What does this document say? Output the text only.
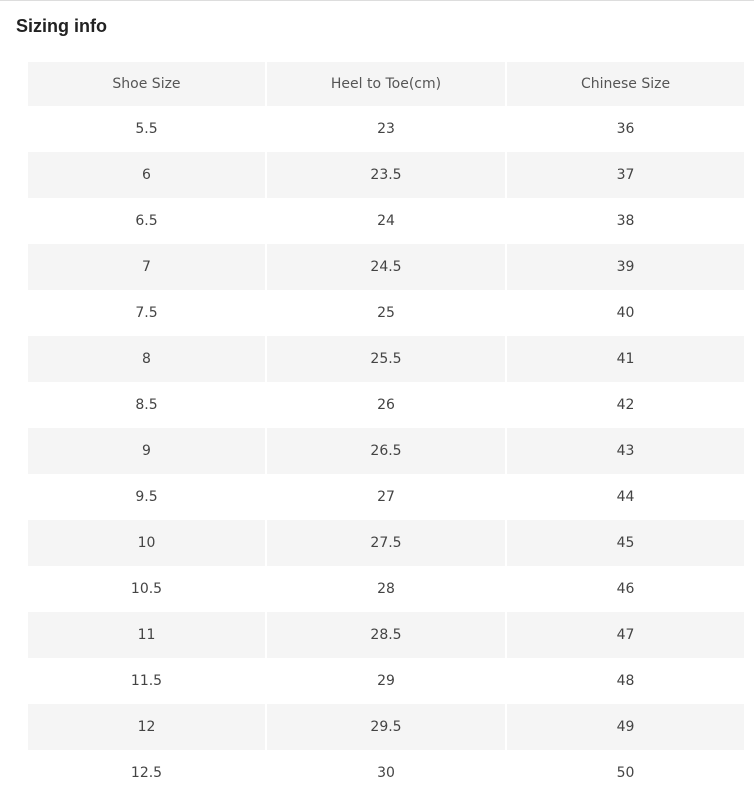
Sizing info
Shoe Size	Heel to Toe(cm)	Chinese Size
5.5	23	36
6	23.5	37
6.5	24	38
7	24.5	39
7.5	25	40
8	25.5	41
8.5	26	42
9	26.5	43
9.5	27	44
10	27.5	45
10.5	28	46
11	28.5	47
11.5	29	48
12	29.5	49
12.5	30	50
